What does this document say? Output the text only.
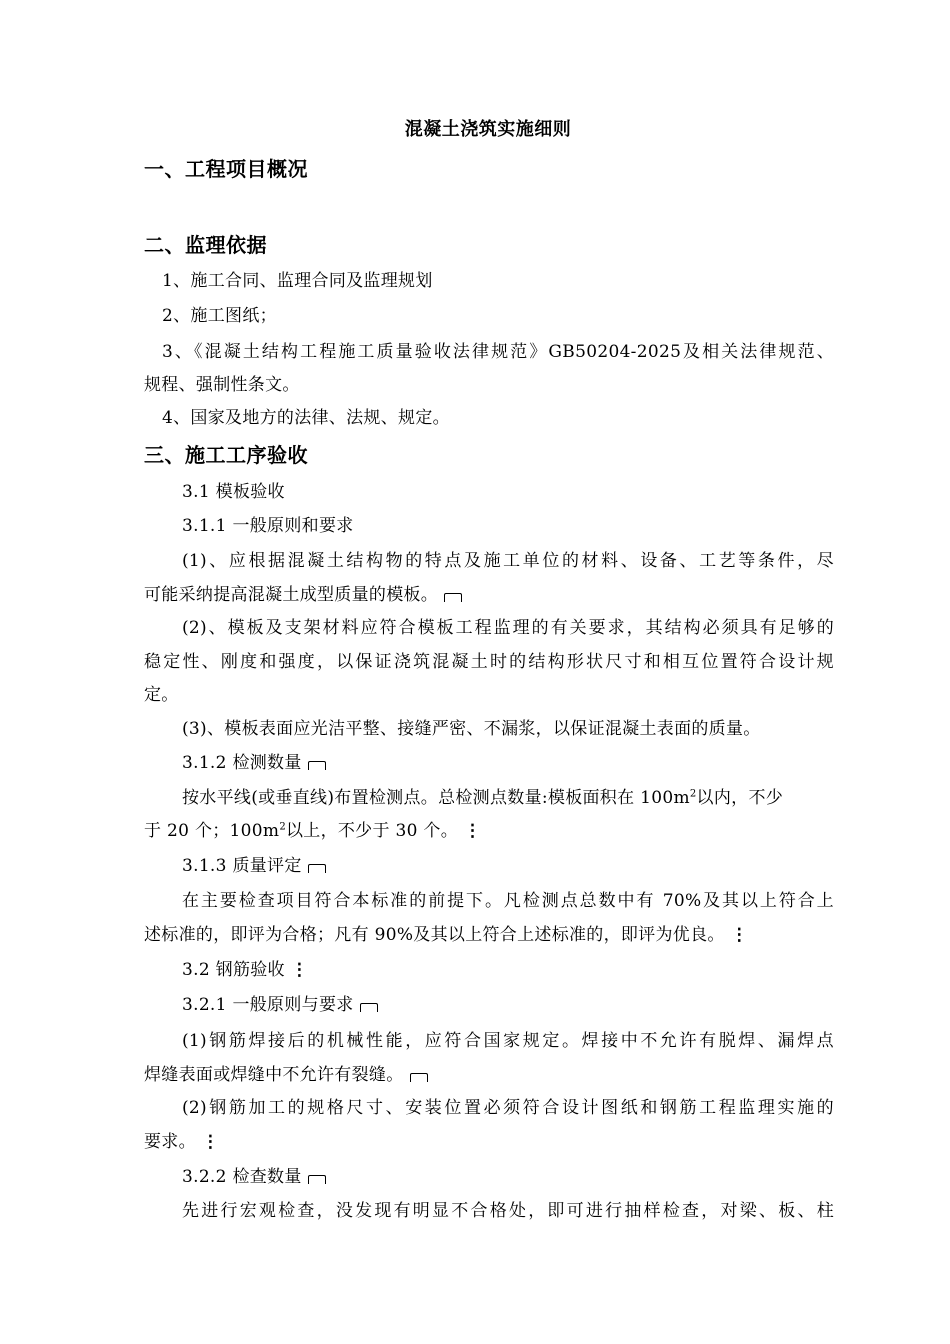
混凝土浇筑实施细则
一、工程项目概况
二、监理依据
1、施工合同、监理合同及监理规划
2、施工图纸；
3、《混凝土结构工程施工质量验收法律规范》GB50204-2025及相关法律规范、
规程、强制性条文。
4、国家及地方的法律、法规、规定。
三、施工工序验收
3.1 模板验收
3.1.1 一般原则和要求
(1)、应根据混凝土结构物的特点及施工单位的材料、设备、工艺等条件，尽
可能采纳提高混凝土成型质量的模板。
(2)、模板及支架材料应符合模板工程监理的有关要求，其结构必须具有足够的
稳定性、刚度和强度，以保证浇筑混凝土时的结构形状尺寸和相互位置符合设计规
定。
(3)、模板表面应光洁平整、接缝严密、不漏浆，以保证混凝土表面的质量。
3.1.2 检测数量
按水平线(或垂直线)布置检测点。总检测点数量:模板面积在 $100m^2$以内，不少
于 20 个；$100m^2$以上，不少于 30 个。 ⋮
3.1.3 质量评定
在主要检查项目符合本标准的前提下。凡检测点总数中有 70%及其以上符合上
述标准的，即评为合格；凡有 90%及其以上符合上述标准的，即评为优良。 ⋮
3.2 钢筋验收 ⋮
3.2.1 一般原则与要求
(1)钢筋焊接后的机械性能，应符合国家规定。焊接中不允许有脱焊、漏焊点
焊缝表面或焊缝中不允许有裂缝。
(2)钢筋加工的规格尺寸、安装位置必须符合设计图纸和钢筋工程监理实施的
要求。 ⋮
3.2.2 检查数量
先进行宏观检查，没发现有明显不合格处，即可进行抽样检查，对梁、板、柱
